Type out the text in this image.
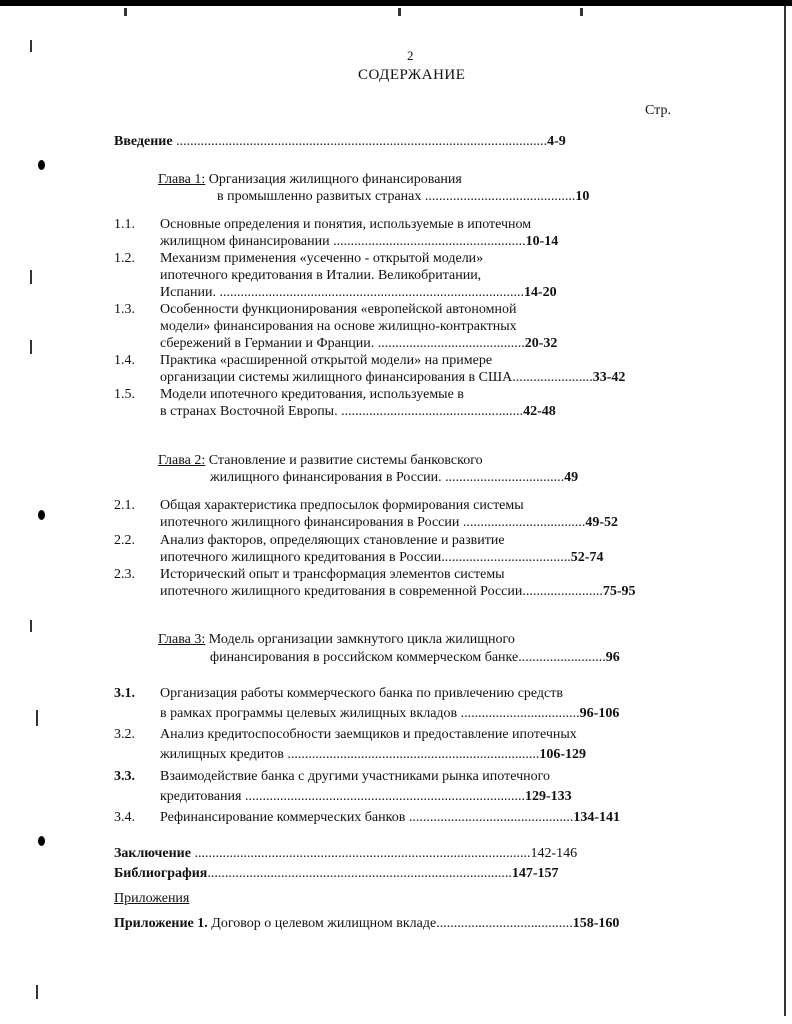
2
СОДЕРЖАНИЕ
Стр.
Введение ..........................................................................................................4-9
Глава 1: Организация жилищного финансирования
в промышленно развитых странах ...........................................10
1.1. Основные определения и понятия, используемые в ипотечном
жилищном финансировании .......................................................10-14
1.2. Механизм применения «усеченно - открытой модели»
ипотечного кредитования в Италии. Великобритании,
Испании. .......................................................................................14-20
1.3. Особенности функционирования «европейской автономной
модели» финансирования на основе жилищно-контрактных
сбережений в Германии и Франции. ..........................................20-32
1.4. Практика «расширенной открытой модели» на примере
организации системы жилищного финансирования в США.......................33-42
1.5. Модели ипотечного кредитования, используемые в
в странах Восточной Европы. ....................................................42-48
Глава 2: Становление и развитие системы банковского
жилищного финансирования в России. ..................................49
2.1. Общая характеристика предпосылок формирования системы
ипотечного жилищного финансирования в России ...................................49-52
2.2. Анализ факторов, определяющих становление и развитие
ипотечного жилищного кредитования в России.....................................52-74
2.3. Исторический опыт и трансформация элементов системы
ипотечного жилищного кредитования в современной России.......................75-95
Глава 3: Модель организации замкнутого цикла жилищного
финансирования в российском коммерческом банке.........................96
3.1. Организация работы коммерческого банка по привлечению средств
в рамках программы целевых жилищных вкладов ..................................96-106
3.2. Анализ кредитоспособности заемщиков и предоставление ипотечных
жилищных кредитов ........................................................................106-129
3.3. Взаимодействие банка с другими участниками рынка ипотечного
кредитования ................................................................................129-133
3.4. Рефинансирование коммерческих банков ...............................................134-141
Заключение ................................................................................................142-146
Библиография.......................................................................................147-157
Приложения
Приложение 1. Договор о целевом жилищном вкладе.......................................158-160
